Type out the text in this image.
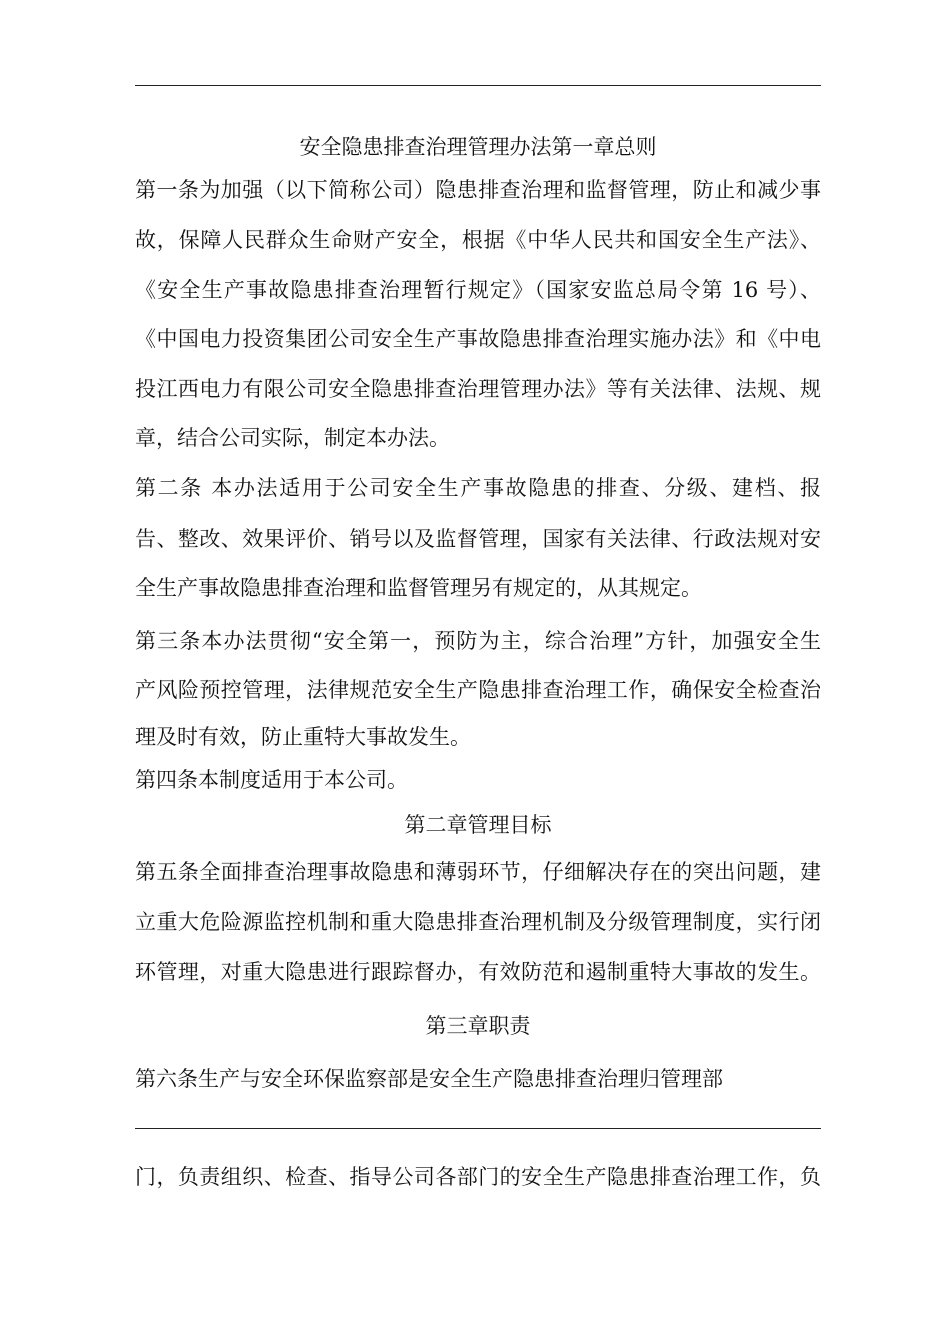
安全隐患排查治理管理办法第一章总则
第一条为加强（以下简称公司）隐患排查治理和监督管理，防止和减少事
故，保障人民群众生命财产安全，根据《中华人民共和国安全生产法》、
《安全生产事故隐患排查治理暂行规定》（国家安监总局令第 16 号）、
《中国电力投资集团公司安全生产事故隐患排查治理实施办法》和《中电
投江西电力有限公司安全隐患排查治理管理办法》等有关法律、法规、规
章，结合公司实际，制定本办法。
第二条 本办法适用于公司安全生产事故隐患的排查、分级、建档、报
告、整改、效果评价、销号以及监督管理，国家有关法律、行政法规对安
全生产事故隐患排查治理和监督管理另有规定的，从其规定。
第三条本办法贯彻“安全第一，预防为主，综合治理”方针，加强安全生
产风险预控管理，法律规范安全生产隐患排查治理工作，确保安全检查治
理及时有效，防止重特大事故发生。
第四条本制度适用于本公司。
第二章管理目标
第五条全面排查治理事故隐患和薄弱环节，仔细解决存在的突出问题，建
立重大危险源监控机制和重大隐患排查治理机制及分级管理制度，实行闭
环管理，对重大隐患进行跟踪督办，有效防范和遏制重特大事故的发生。
第三章职责
第六条生产与安全环保监察部是安全生产隐患排查治理归管理部
门，负责组织、检查、指导公司各部门的安全生产隐患排查治理工作，负
